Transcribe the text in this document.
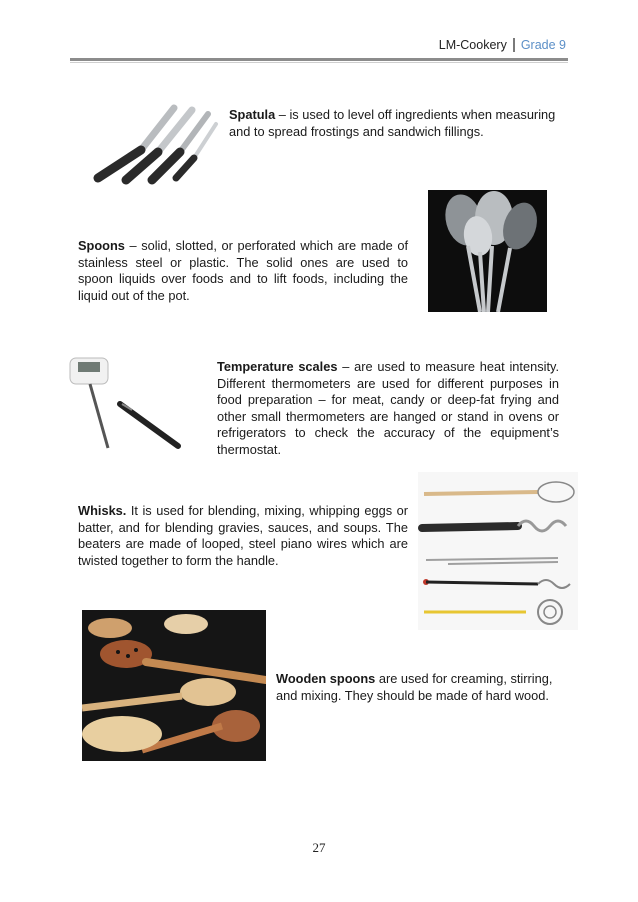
LM-Cookery	Grade 9

Spatula – is used to level off ingredients when measuring and to spread frostings and sandwich fillings.

Spoons – solid, slotted, or perforated which are made of stainless steel or plastic. The solid ones are used to spoon liquids over foods and to lift foods, including the liquid out of the pot.

Temperature scales – are used to measure heat intensity. Different thermometers are used for different purposes in food preparation – for meat, candy or deep-fat frying and other small thermometers are hanged or stand in ovens or refrigerators to check the accuracy of the equipment’s thermostat.

Whisks. It is used for blending, mixing, whipping eggs or batter, and for blending gravies, sauces, and soups. The beaters are made of looped, steel piano wires which are twisted together to form the handle.

Wooden spoons are used for creaming, stirring, and mixing. They should be made of hard wood.

27
